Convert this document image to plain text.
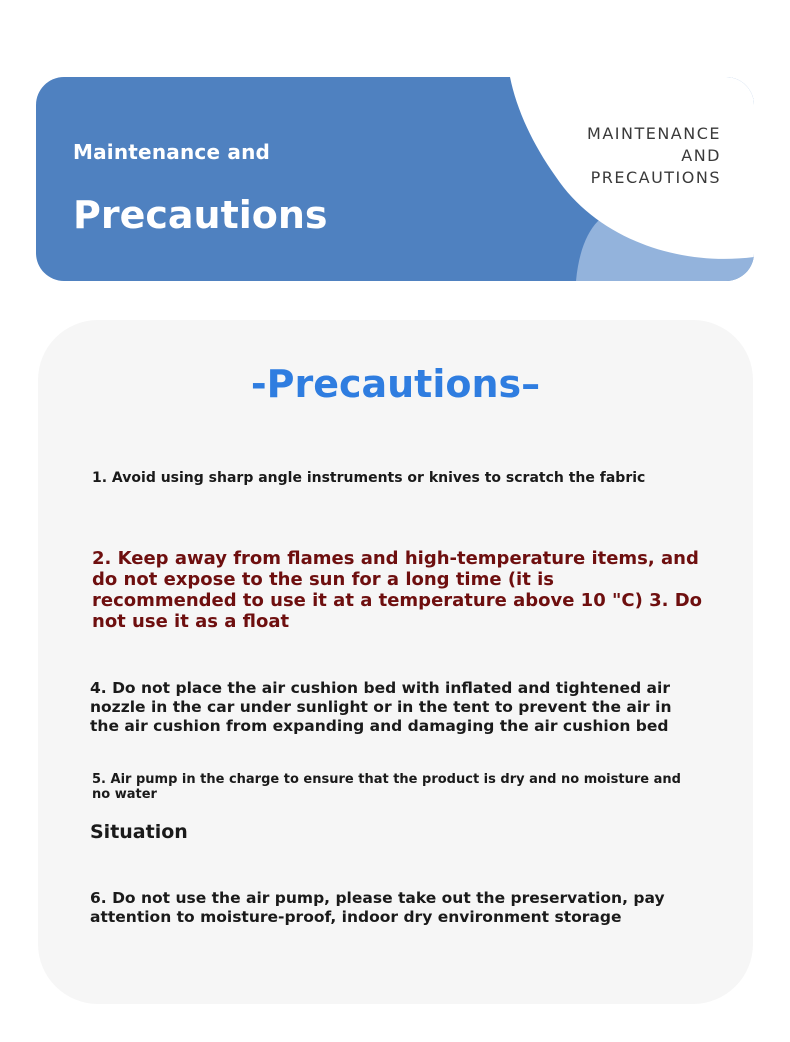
Maintenance and
Precautions
MAINTENANCE
AND
PRECAUTIONS
-Precautions–
1. Avoid using sharp angle instruments or knives to scratch the fabric
2. Keep away from flames and high-temperature items, and do not expose to the sun for a long time (it is recommended to use it at a temperature above 10 "C) 3. Do not use it as a float
4. Do not place the air cushion bed with inflated and tightened air nozzle in the car under sunlight or in the tent to prevent the air in the air cushion from expanding and damaging the air cushion bed
5. Air pump in the charge to ensure that the product is dry and no moisture and no water
Situation
6. Do not use the air pump, please take out the preservation, pay attention to moisture-proof, indoor dry environment storage
